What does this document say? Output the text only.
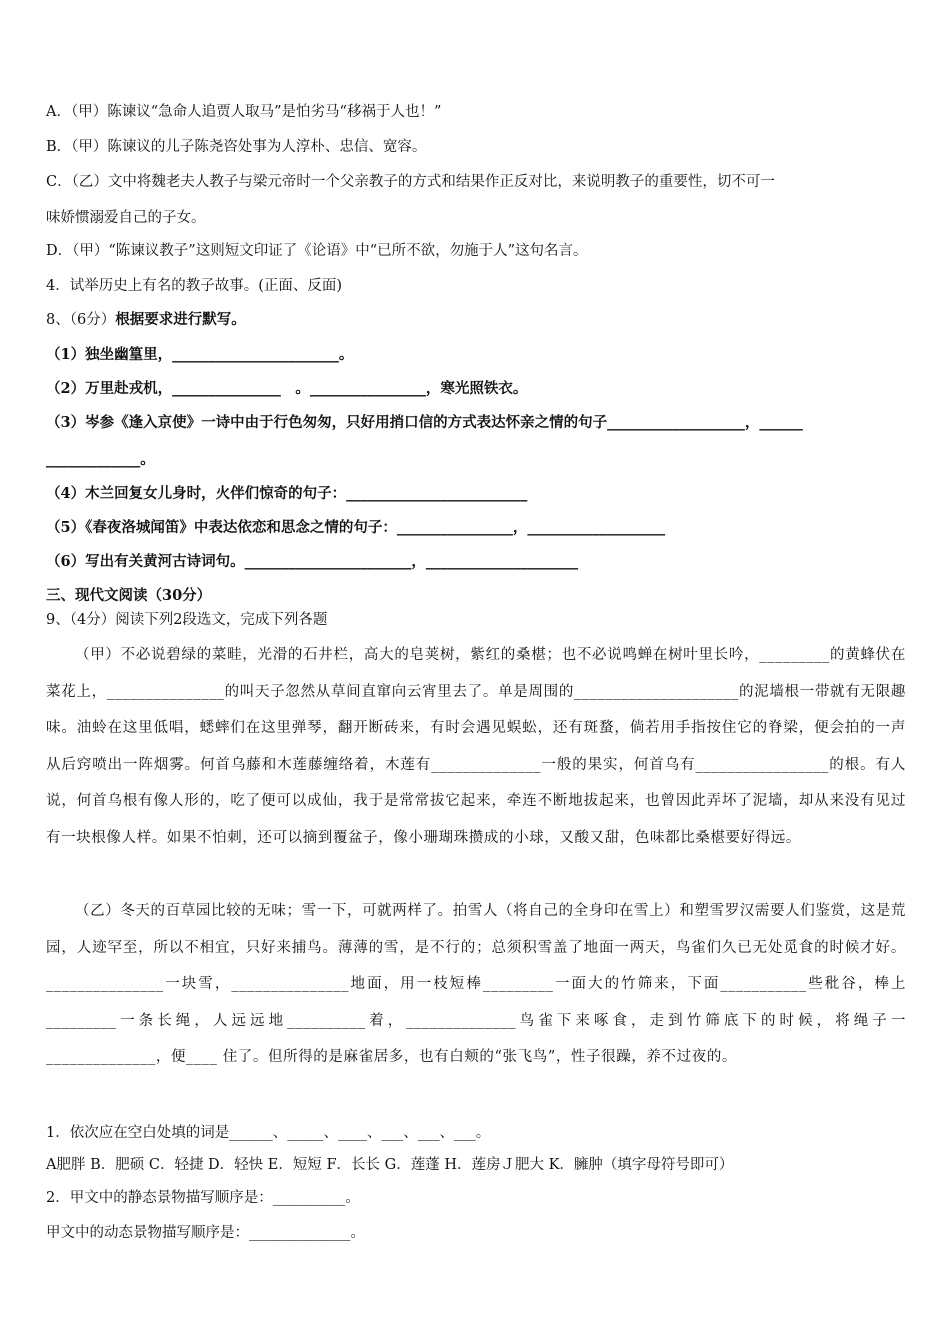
A．（甲）陈谏议“急命人追贾人取马”是怕劣马“移祸于人也！”
B．（甲）陈谏议的儿子陈尧咨处事为人淳朴、忠信、宽容。
C．（乙）文中将魏老夫人教子与梁元帝时一个父亲教子的方式和结果作正反对比，来说明教子的重要性，切不可一
味娇惯溺爱自己的子女。
D．（甲）“陈谏议教子”这则短文印证了《论语》中“已所不欲，勿施于人”这句名言。
4．试举历史上有名的教子故事。(正面、反面)
8、（6分）根据要求进行默写。
（1）独坐幽篁里，_______________________。
（2）万里赴戎机，_______________　。________________，寒光照铁衣。
（3）岑参《逢入京使》一诗中由于行色匆匆，只好用捎口信的方式表达怀亲之情的句子___________________，______
_____________。
（4）木兰回复女儿身时，火伴们惊奇的句子：_________________________
（5）《春夜洛城闻笛》中表达依恋和思念之情的句子：________________，___________________
（6）写出有关黄河古诗词句。_______________________，_____________________
三、现代文阅读（30分）
9、（4分）阅读下列2段选文，完成下列各题
（甲）不必说碧绿的菜畦，光滑的石井栏，高大的皂荚树，紫红的桑椹；也不必说鸣蝉在树叶里长吟，_________的黄蜂伏在菜花上，_______________的叫天子忽然从草间直窜向云宵里去了。单是周围的_____________________的泥墙根一带就有无限趣味。油蛉在这里低唱，蟋蟀们在这里弹琴，翻开断砖来，有时会遇见蜈蚣，还有斑蝥，倘若用手指按住它的脊梁，便会拍的一声从后窍喷出一阵烟雾。何首乌藤和木莲藤缠络着，木莲有______________一般的果实，何首乌有_________________的根。有人说，何首乌根有像人形的，吃了便可以成仙，我于是常常拔它起来，牵连不断地拔起来，也曾因此弄坏了泥墙，却从来没有见过有一块根像人样。如果不怕刺，还可以摘到覆盆子，像小珊瑚珠攒成的小球，又酸又甜，色味都比桑椹要好得远。
（乙）冬天的百草园比较的无味；雪一下，可就两样了。拍雪人（将自己的全身印在雪上）和塑雪罗汉需要人们鉴赏，这是荒园，人迹罕至，所以不相宜，只好来捕鸟。薄薄的雪，是不行的；总须积雪盖了地面一两天，鸟雀们久已无处觅食的时候才好。_______________一块雪，_______________地面，用一枝短棒_________一面大的竹筛来，下面___________些秕谷，棒上_________一条长绳，人远远地__________着，______________鸟雀下来啄食，走到竹筛底下的时候，将绳子一______________，便____ 住了。但所得的是麻雀居多，也有白颊的“张飞鸟”，性子很躁，养不过夜的。
1．依次应在空白处填的词是______、_____、____、___、___、___。
A肥胖 B．肥硕 C．轻捷 D．轻快 E．短短 F．长长 G．莲蓬 H．莲房Ｊ肥大 K．臃肿（填字母符号即可）
2．甲文中的静态景物描写顺序是：__________。
甲文中的动态景物描写顺序是：______________。
